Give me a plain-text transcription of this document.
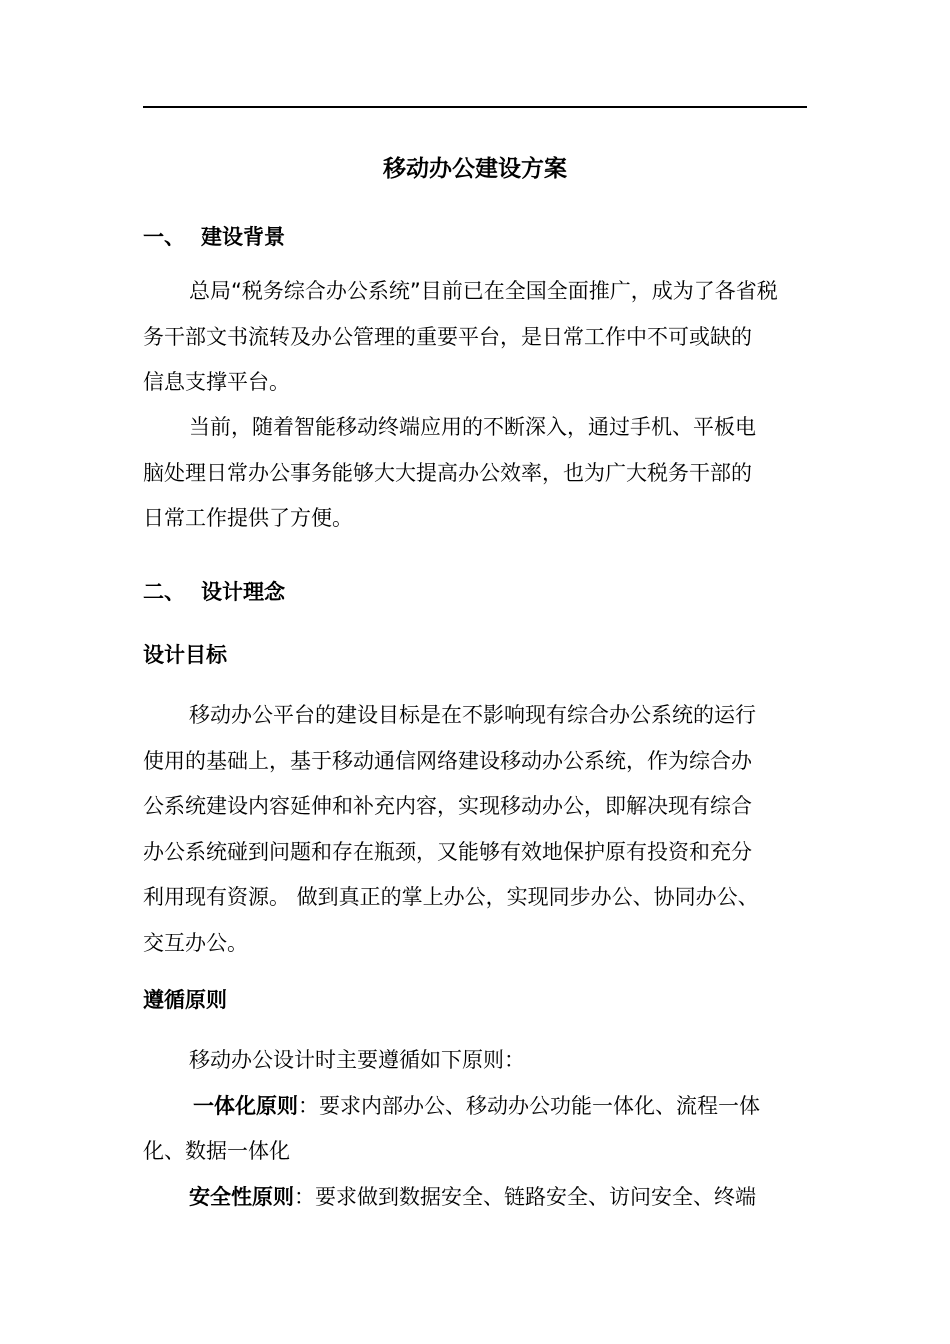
移动办公建设方案
一、 建设背景
总局“税务综合办公系统”目前已在全国全面推广，成为了各省税
务干部文书流转及办公管理的重要平台，是日常工作中不可或缺的
信息支撑平台。
当前，随着智能移动终端应用的不断深入，通过手机、平板电
脑处理日常办公事务能够大大提高办公效率，也为广大税务干部的
日常工作提供了方便。
二、 设计理念
设计目标
移动办公平台的建设目标是在不影响现有综合办公系统的运行
使用的基础上，基于移动通信网络建设移动办公系统，作为综合办
公系统建设内容延伸和补充内容，实现移动办公，即解决现有综合
办公系统碰到问题和存在瓶颈，又能够有效地保护原有投资和充分
利用现有资源。 做到真正的掌上办公，实现同步办公、协同办公、
交互办公。
遵循原则
移动办公设计时主要遵循如下原则：
一体化原则：要求内部办公、移动办公功能一体化、流程一体
化、数据一体化
安全性原则：要求做到数据安全、链路安全、访问安全、终端
